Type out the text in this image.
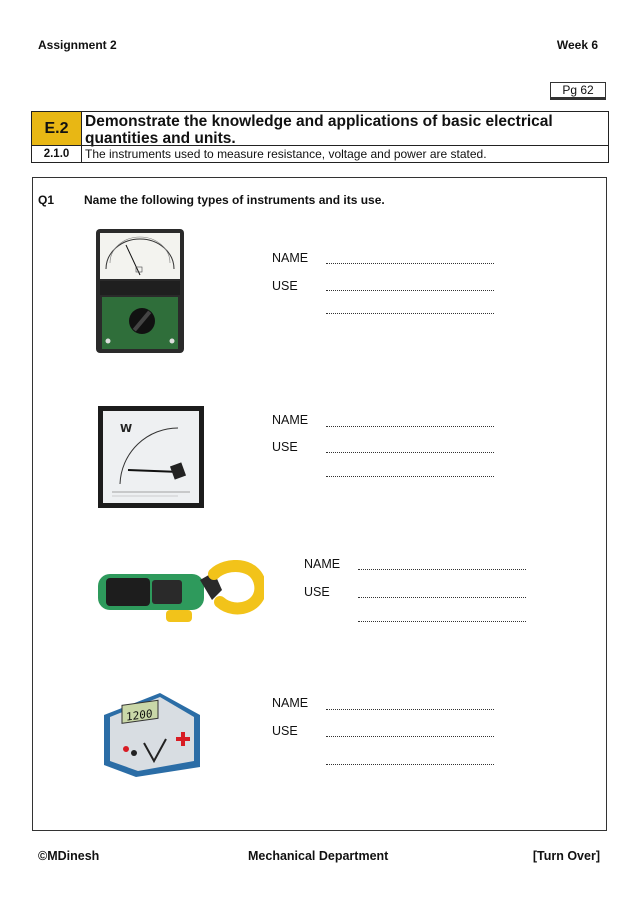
Assignment 2	Week 6
Pg 62
E.2	Demonstrate the knowledge and applications of basic electrical quantities and units.
2.1.0	The instruments used to measure resistance, voltage and power are stated.
Q1 Name the following types of instruments and its use.
NAME
USE
W
NAME
USE
NAME
USE
1200
NAME
USE
©MDinesh	Mechanical Department	[Turn Over]
